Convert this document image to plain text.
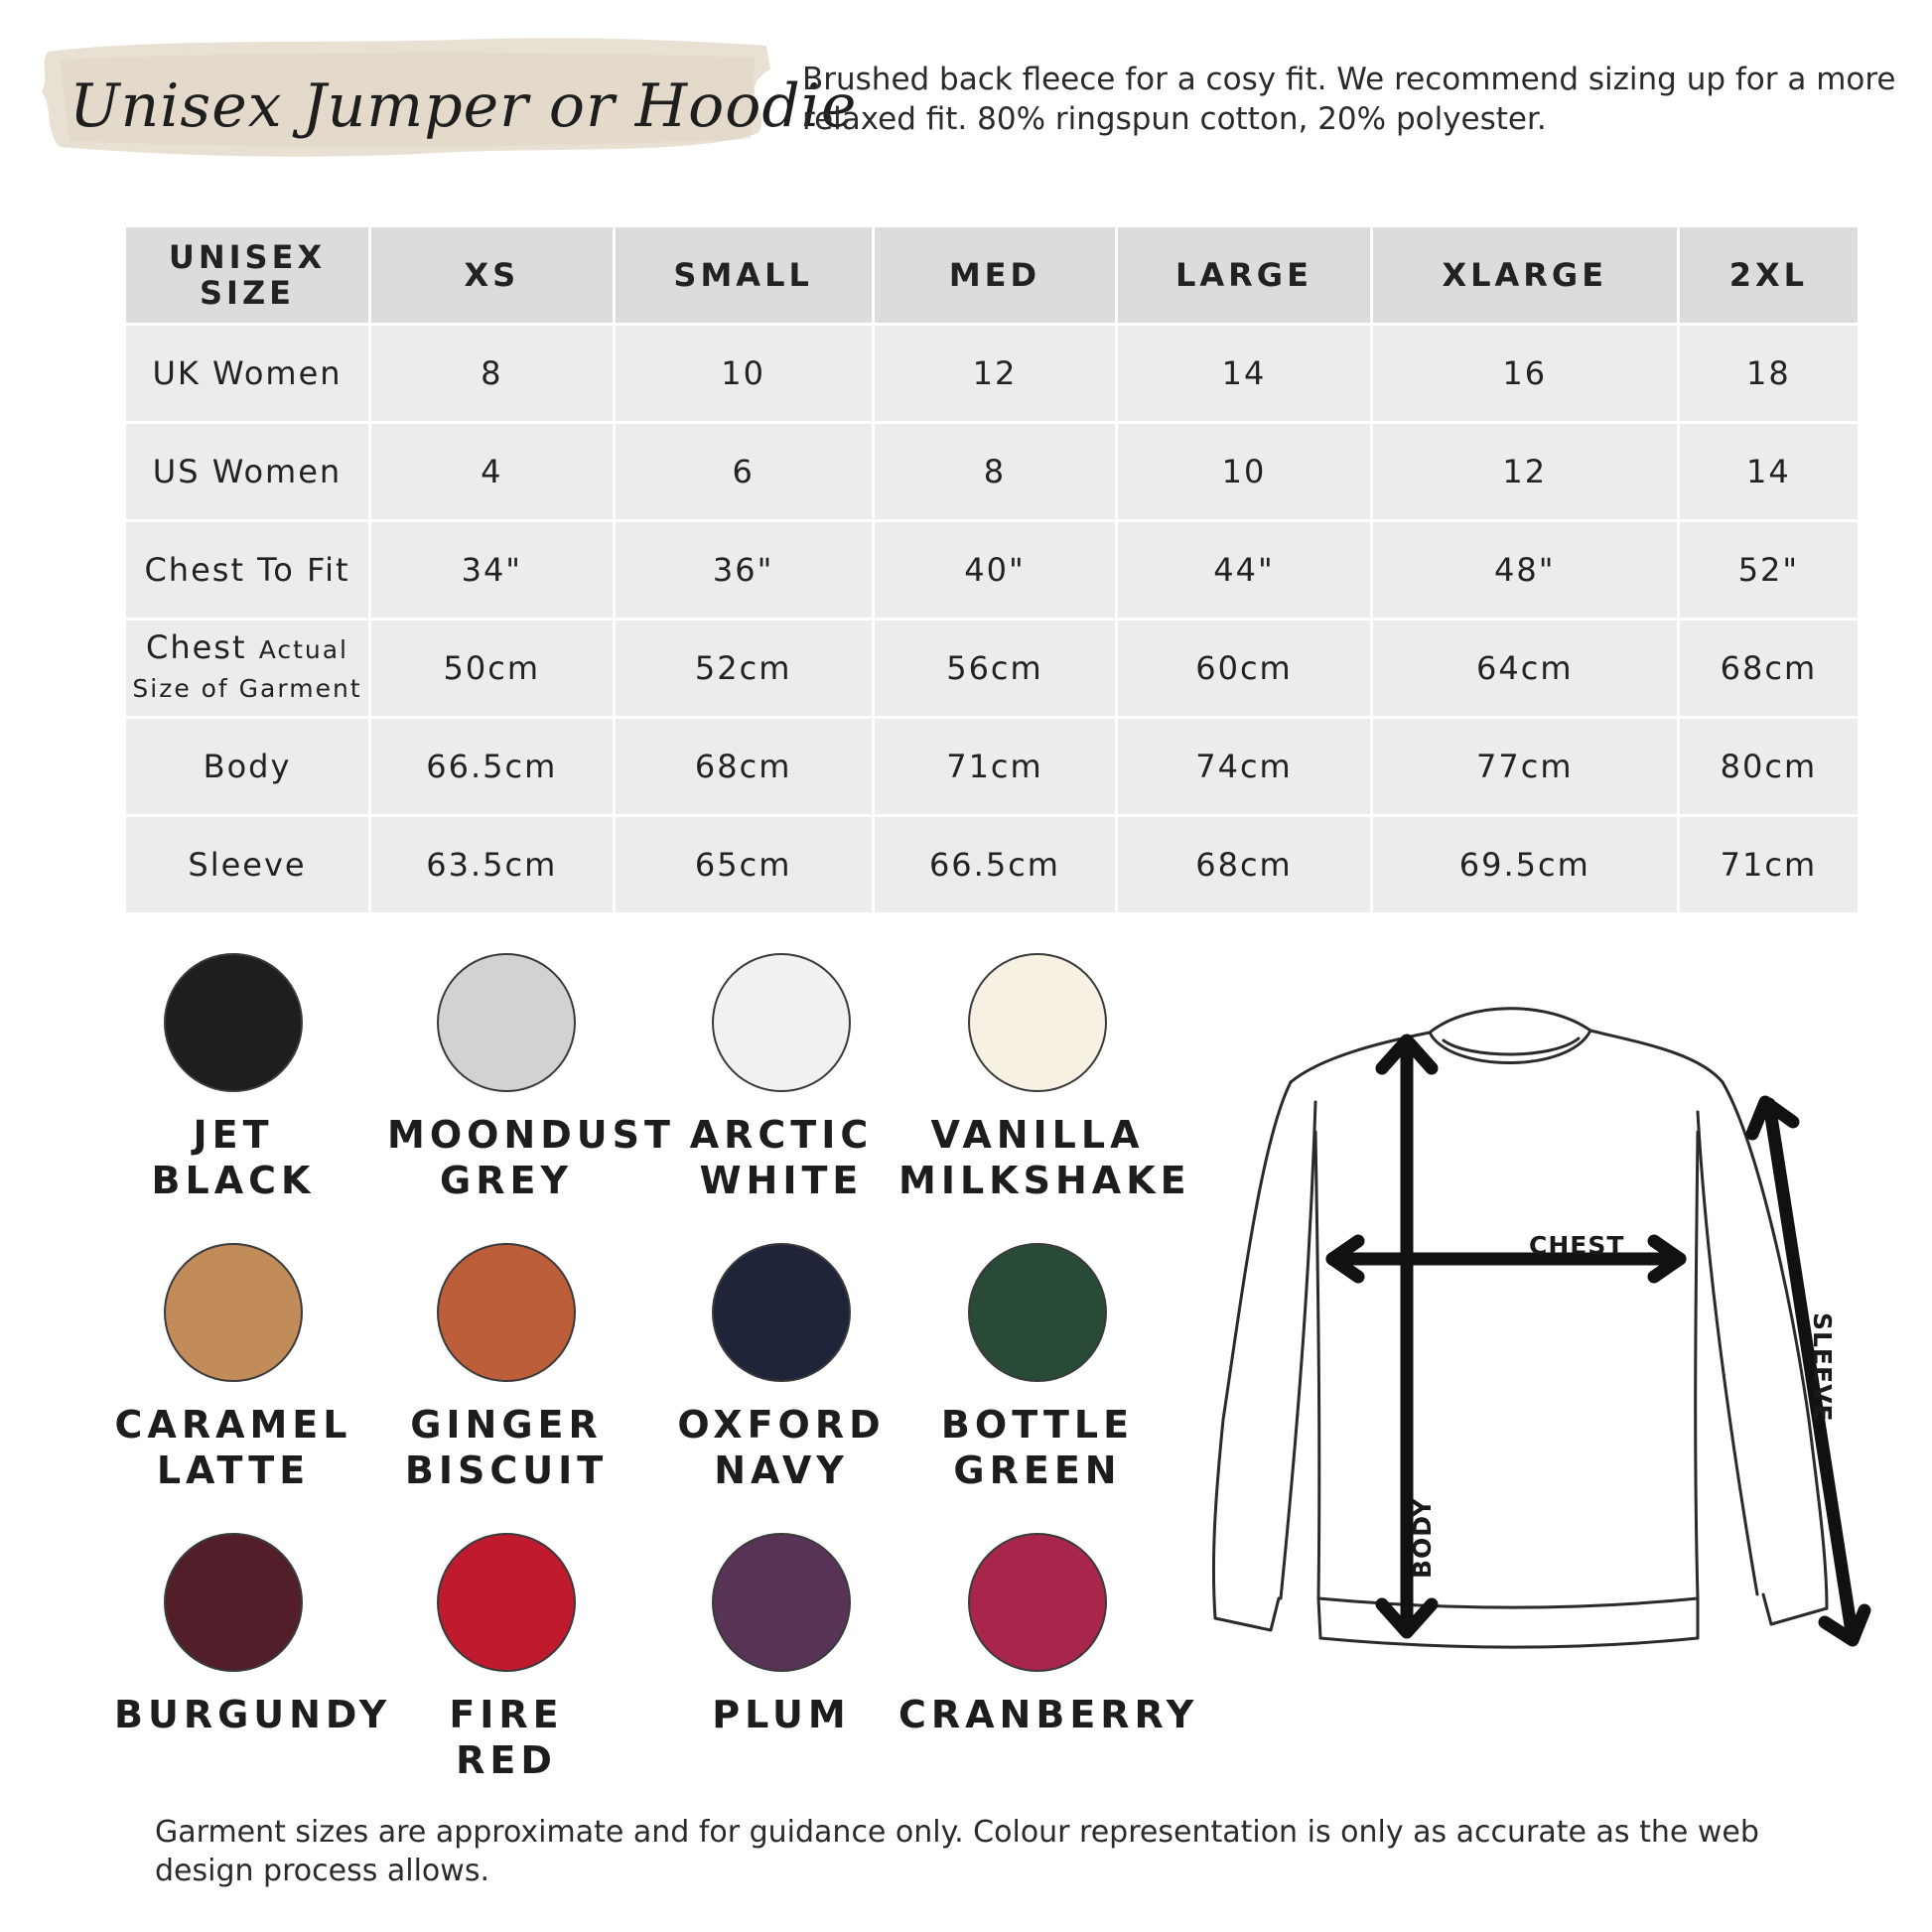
Unisex Jumper or Hoodie
Brushed back fleece for a cosy fit. We recommend sizing up for a more relaxed fit. 80% ringspun cotton, 20% polyester.
UNISEX
SIZE	XS	SMALL	MED	LARGE	XLARGE	2XL
UK Women	8	10	12	14	16	18
US Women	4	6	8	10	12	14
Chest To Fit	34"	36"	40"	44"	48"	52"
Chest Actual
Size of Garment	50cm	52cm	56cm	60cm	64cm	68cm
Body	66.5cm	68cm	71cm	74cm	77cm	80cm
Sleeve	63.5cm	65cm	66.5cm	68cm	69.5cm	71cm
JET
BLACK
MOONDUST
GREY
ARCTIC
WHITE
VANILLA
MILKSHAKE
CARAMEL
LATTE
GINGER
BISCUIT
OXFORD
NAVY
BOTTLE
GREEN
BURGUNDY	FIRE
RED
PLUM	CRANBERRY
CHEST
BODY
SLEEVE
Garment sizes are approximate and for guidance only. Colour representation is only as accurate as the web design process allows.
